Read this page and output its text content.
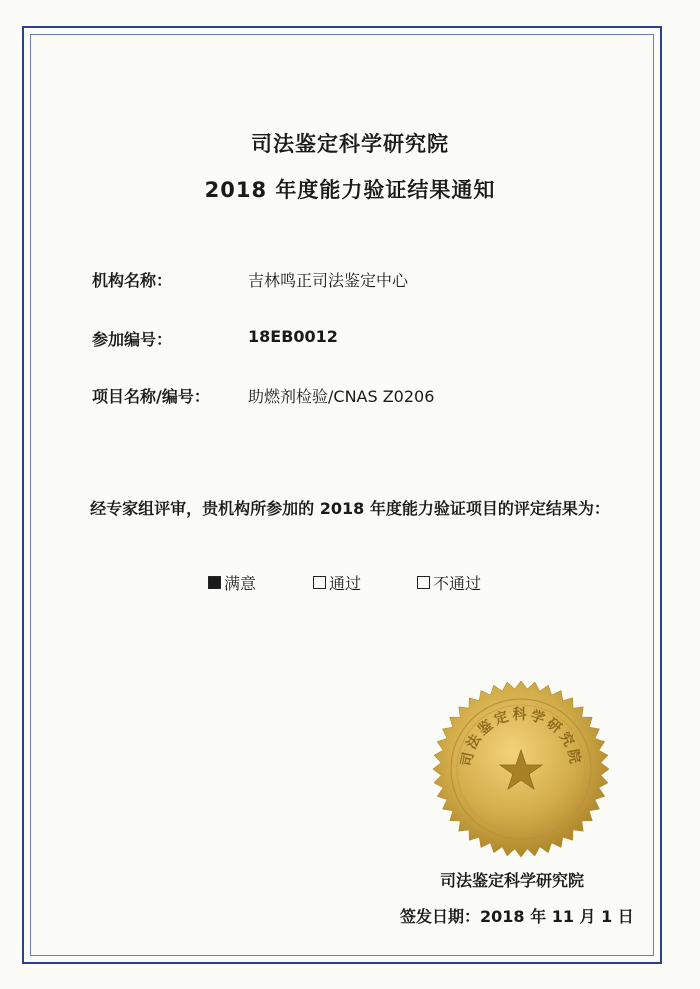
司法鉴定科学研究院
2018 年度能力验证结果通知
机构名称：	吉林鸣正司法鉴定中心
参加编号：	18EB0012
项目名称/编号： 助燃剂检验/CNAS Z0206
经专家组评审，贵机构所参加的 2018 年度能力验证项目的评定结果为：
满意	通过	不通过
司法鉴定科学研究院
司法鉴定科学研究院
签发日期：2018 年 11 月 1 日
